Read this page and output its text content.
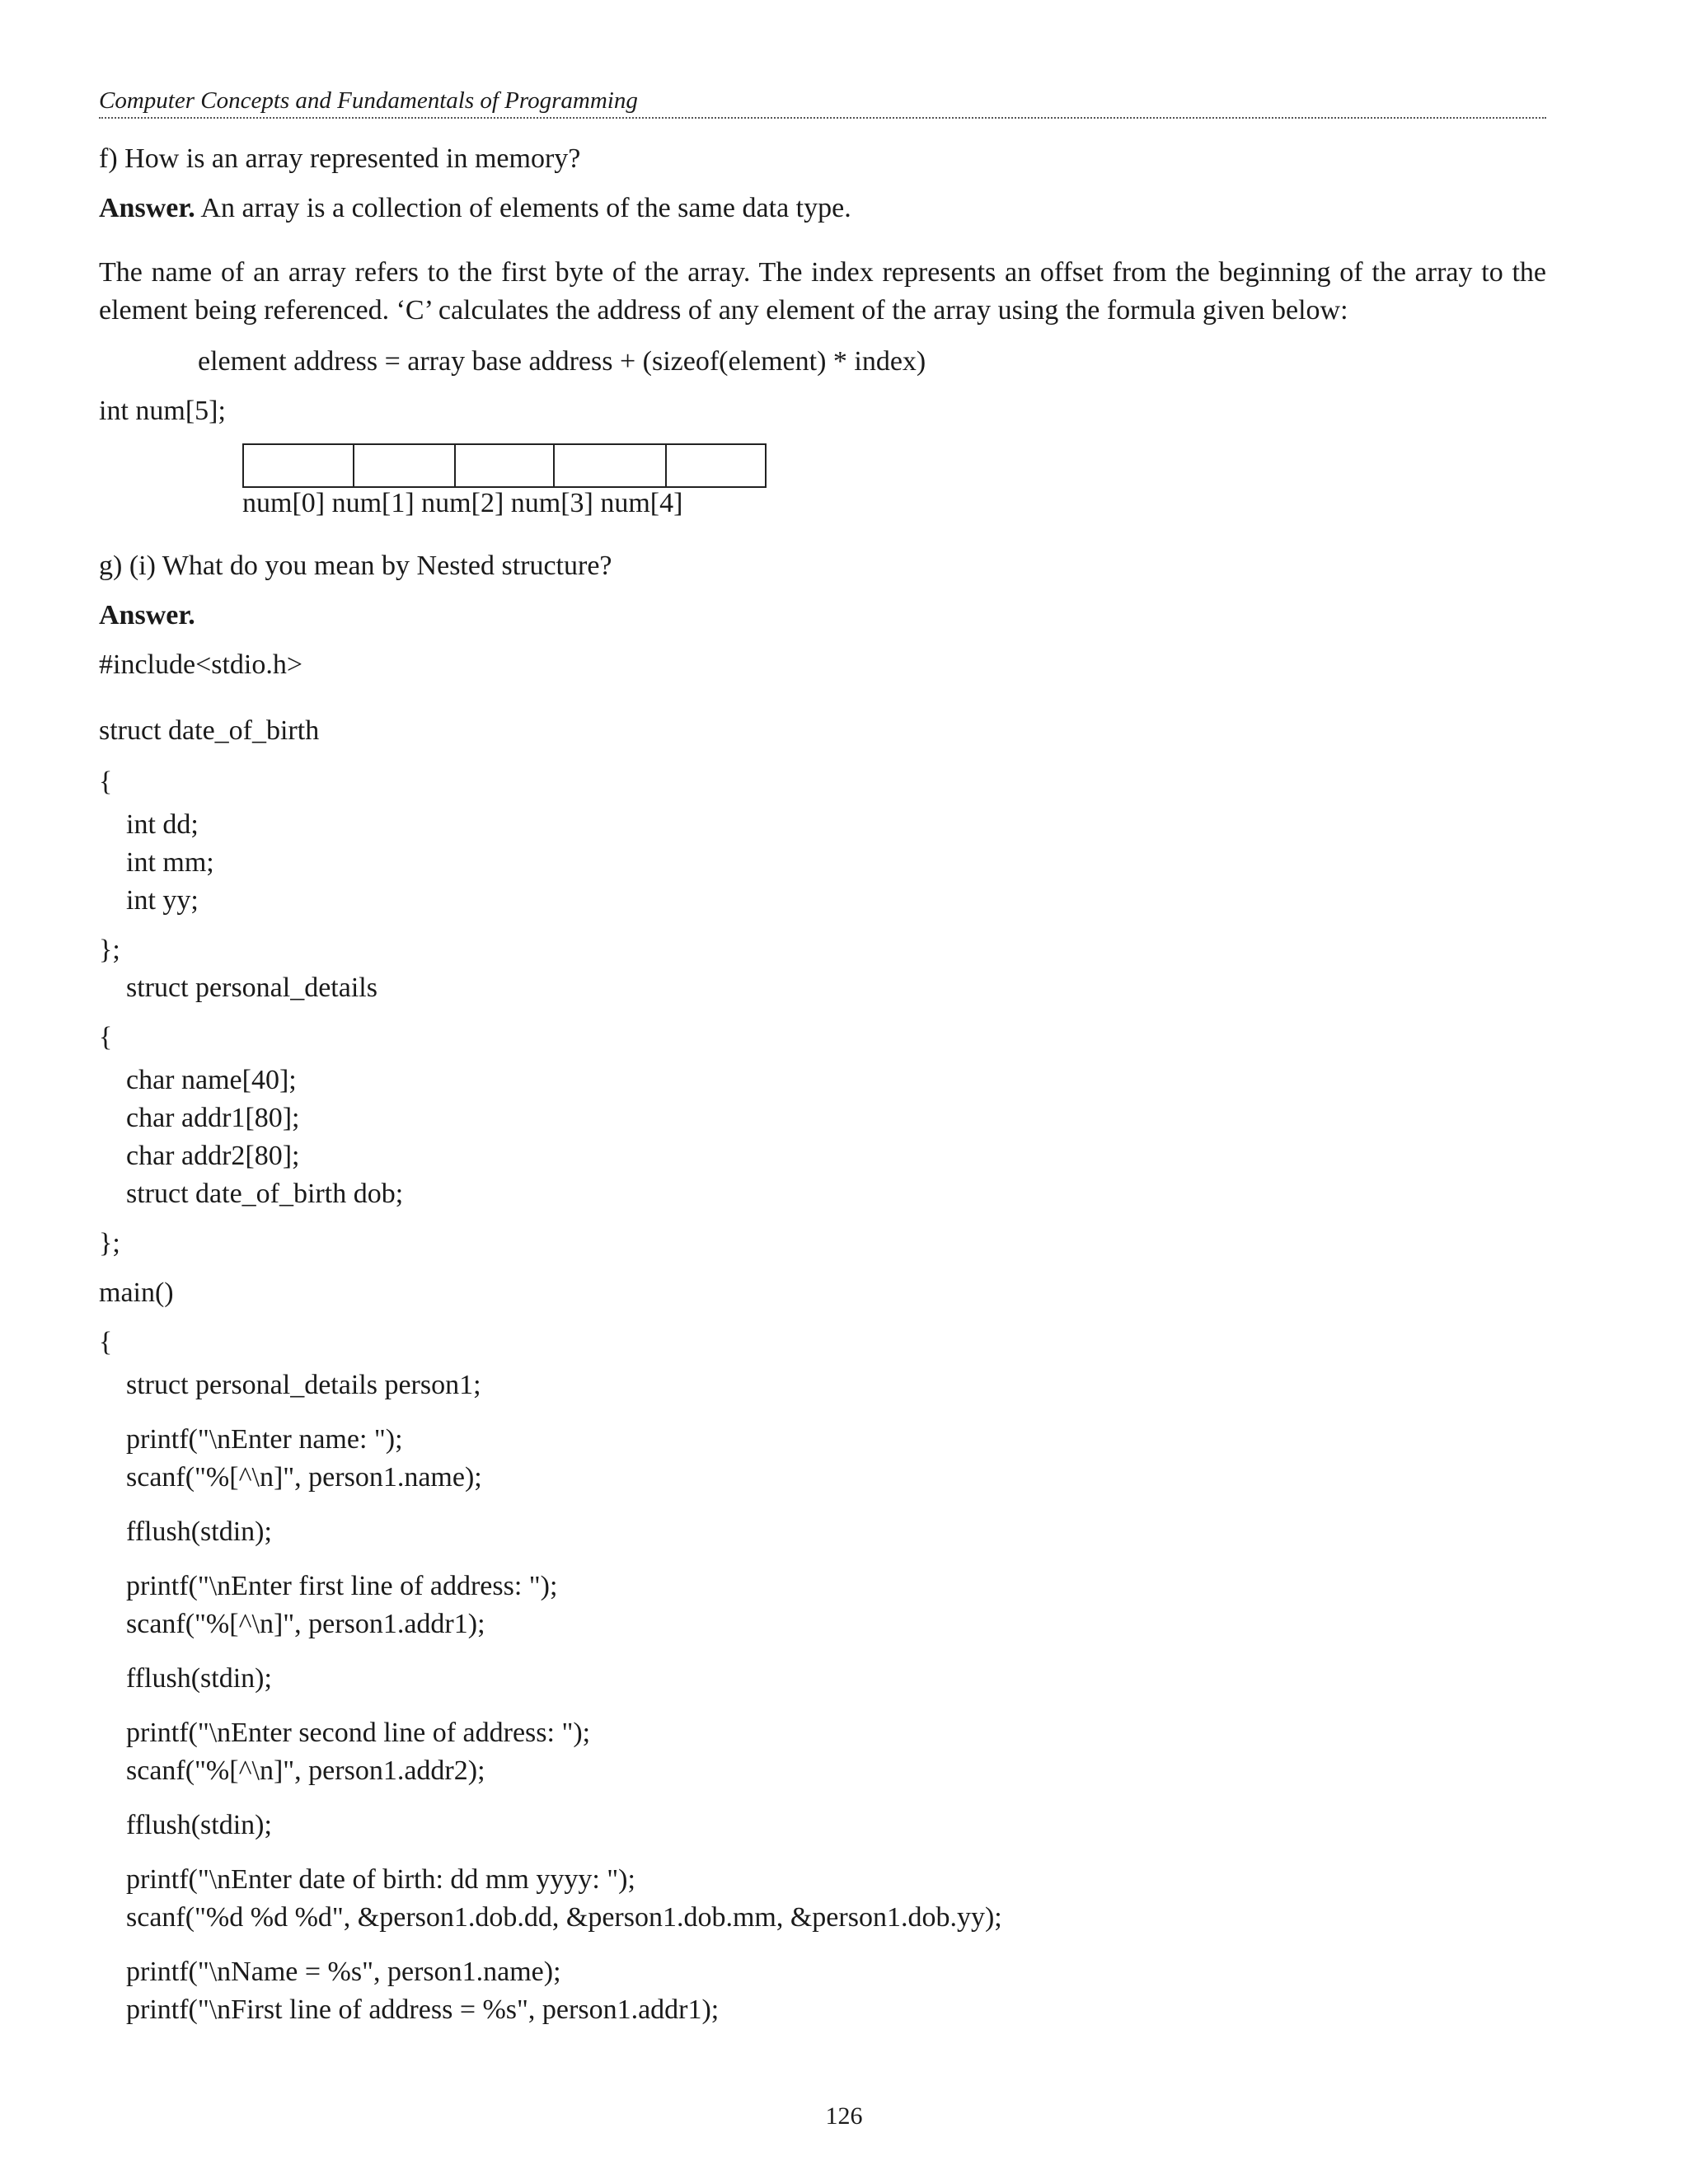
Computer Concepts and Fundamentals of Programming
f) How is an array represented in memory?
Answer. An array is a collection of elements of the same data type.
The name of an array refers to the first byte of the array. The index represents an offset from the beginning of the array to the element being referenced. ‘C’ calculates the address of any element of the array using the formula given below:
element address = array base address + (sizeof(element) * index)
int num[5];
num[0] num[1] num[2] num[3] num[4]
g) (i) What do you mean by Nested structure?
Answer.
#include<stdio.h>
struct date_of_birth
{
int dd;
int mm;
int yy;
};
struct personal_details
{
char name[40];
char addr1[80];
char addr2[80];
struct date_of_birth dob;
};
main()
{
struct personal_details person1;
printf("\nEnter name: ");
scanf("%[^\n]", person1.name);
fflush(stdin);
printf("\nEnter first line of address: ");
scanf("%[^\n]", person1.addr1);
fflush(stdin);
printf("\nEnter second line of address: ");
scanf("%[^\n]", person1.addr2);
fflush(stdin);
printf("\nEnter date of birth: dd mm yyyy: ");
scanf("%d %d %d", &person1.dob.dd, &person1.dob.mm, &person1.dob.yy);
printf("\nName = %s", person1.name);
printf("\nFirst line of address = %s", person1.addr1);
126
